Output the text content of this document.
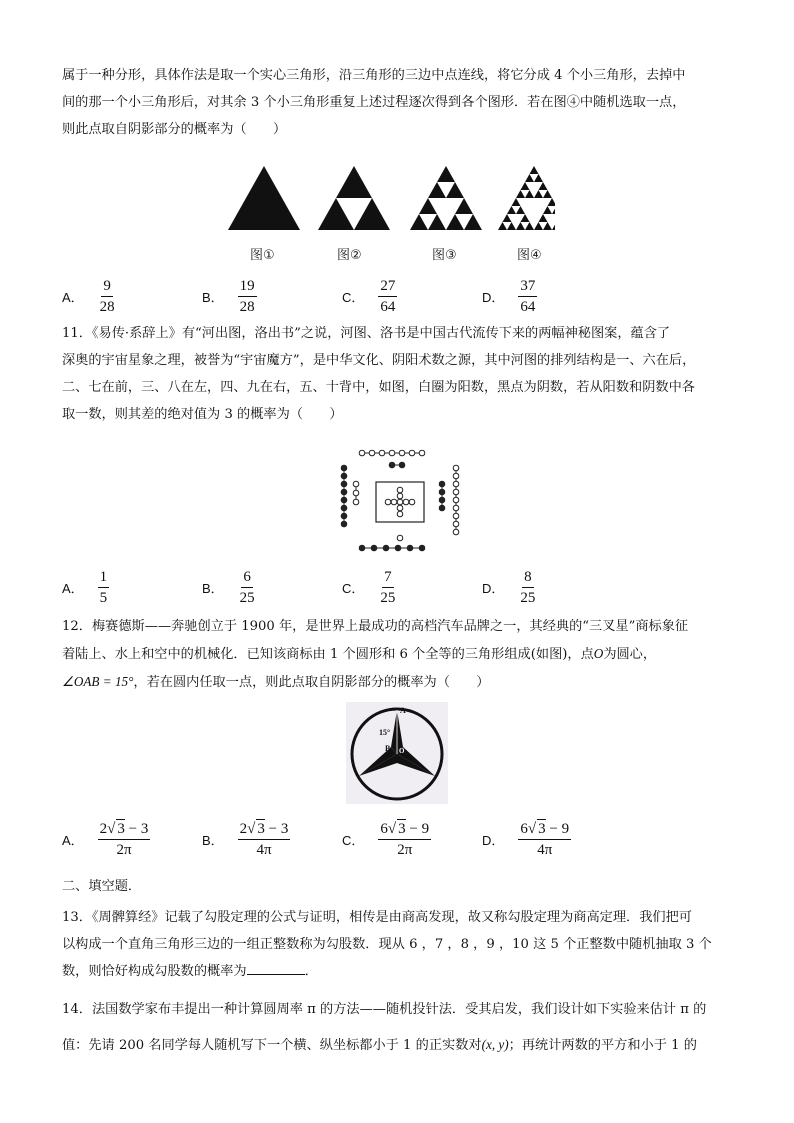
属于一种分形，具体作法是取一个实心三角形，沿三角形的三边中点连线，将它分成 4 个小三角形，去掉中
间的那一个小三角形后，对其余 3 个小三角形重复上述过程逐次得到各个图形．若在图④中随机选取一点，
则此点取自阴影部分的概率为（　　）
图①	图②	图③	图④
A． $\frac{9}{28}$	B． $\frac{19}{28}$	C． $\frac{27}{64}$	D． $\frac{37}{64}$
11．《易传·系辞上》有“河出图，洛出书”之说，河图、洛书是中国古代流传下来的两幅神秘图案，蕴含了
深奥的宇宙星象之理，被誉为“宇宙魔方”，是中华文化、阴阳术数之源，其中河图的排列结构是一、六在后，
二、七在前，三、八在左，四、九在右，五、十背中，如图，白圈为阳数，黑点为阴数，若从阳数和阴数中各
取一数，则其差的绝对值为 3 的概率为（　　）
A． $\frac{1}{5}$	B． $\frac{6}{25}$	C． $\frac{7}{25}$	D． $\frac{8}{25}$
12．梅赛德斯——奔驰创立于 1900 年，是世界上最成功的高档汽车品牌之一，其经典的“三叉星”商标象征
着陆上、水上和空中的机械化．已知该商标由 1 个圆形和 6 个全等的三角形组成(如图)，点O为圆心，
∠OAB = 15°，若在圆内任取一点，则此点取自阴影部分的概率为（　　）
A
15°
B O
A． $\frac{2√ 3 - 3}{2\pi}$	B． $\frac{2√ 3 - 3}{4\pi}$	C． $\frac{6√ 3 - 9}{2\pi}$	D． $\frac{6√ 3 - 9}{4\pi}$
二、填空题．
13．《周髀算经》记载了勾股定理的公式与证明，相传是由商高发现，故又称勾股定理为商高定理．我们把可
以构成一个直角三角形三边的一组正整数称为勾股数．现从 6 ，7 ，8 ，9 ，10 这 5 个正整数中随机抽取 3 个
数，则恰好构成勾股数的概率为	．
14．法国数学家布丰提出一种计算圆周率 π 的方法——随机投针法．受其启发，我们设计如下实验来估计 π 的
值：先请 200 名同学每人随机写下一个横、纵坐标都小于 1 的正实数对(x, y)；再统计两数的平方和小于 1 的
